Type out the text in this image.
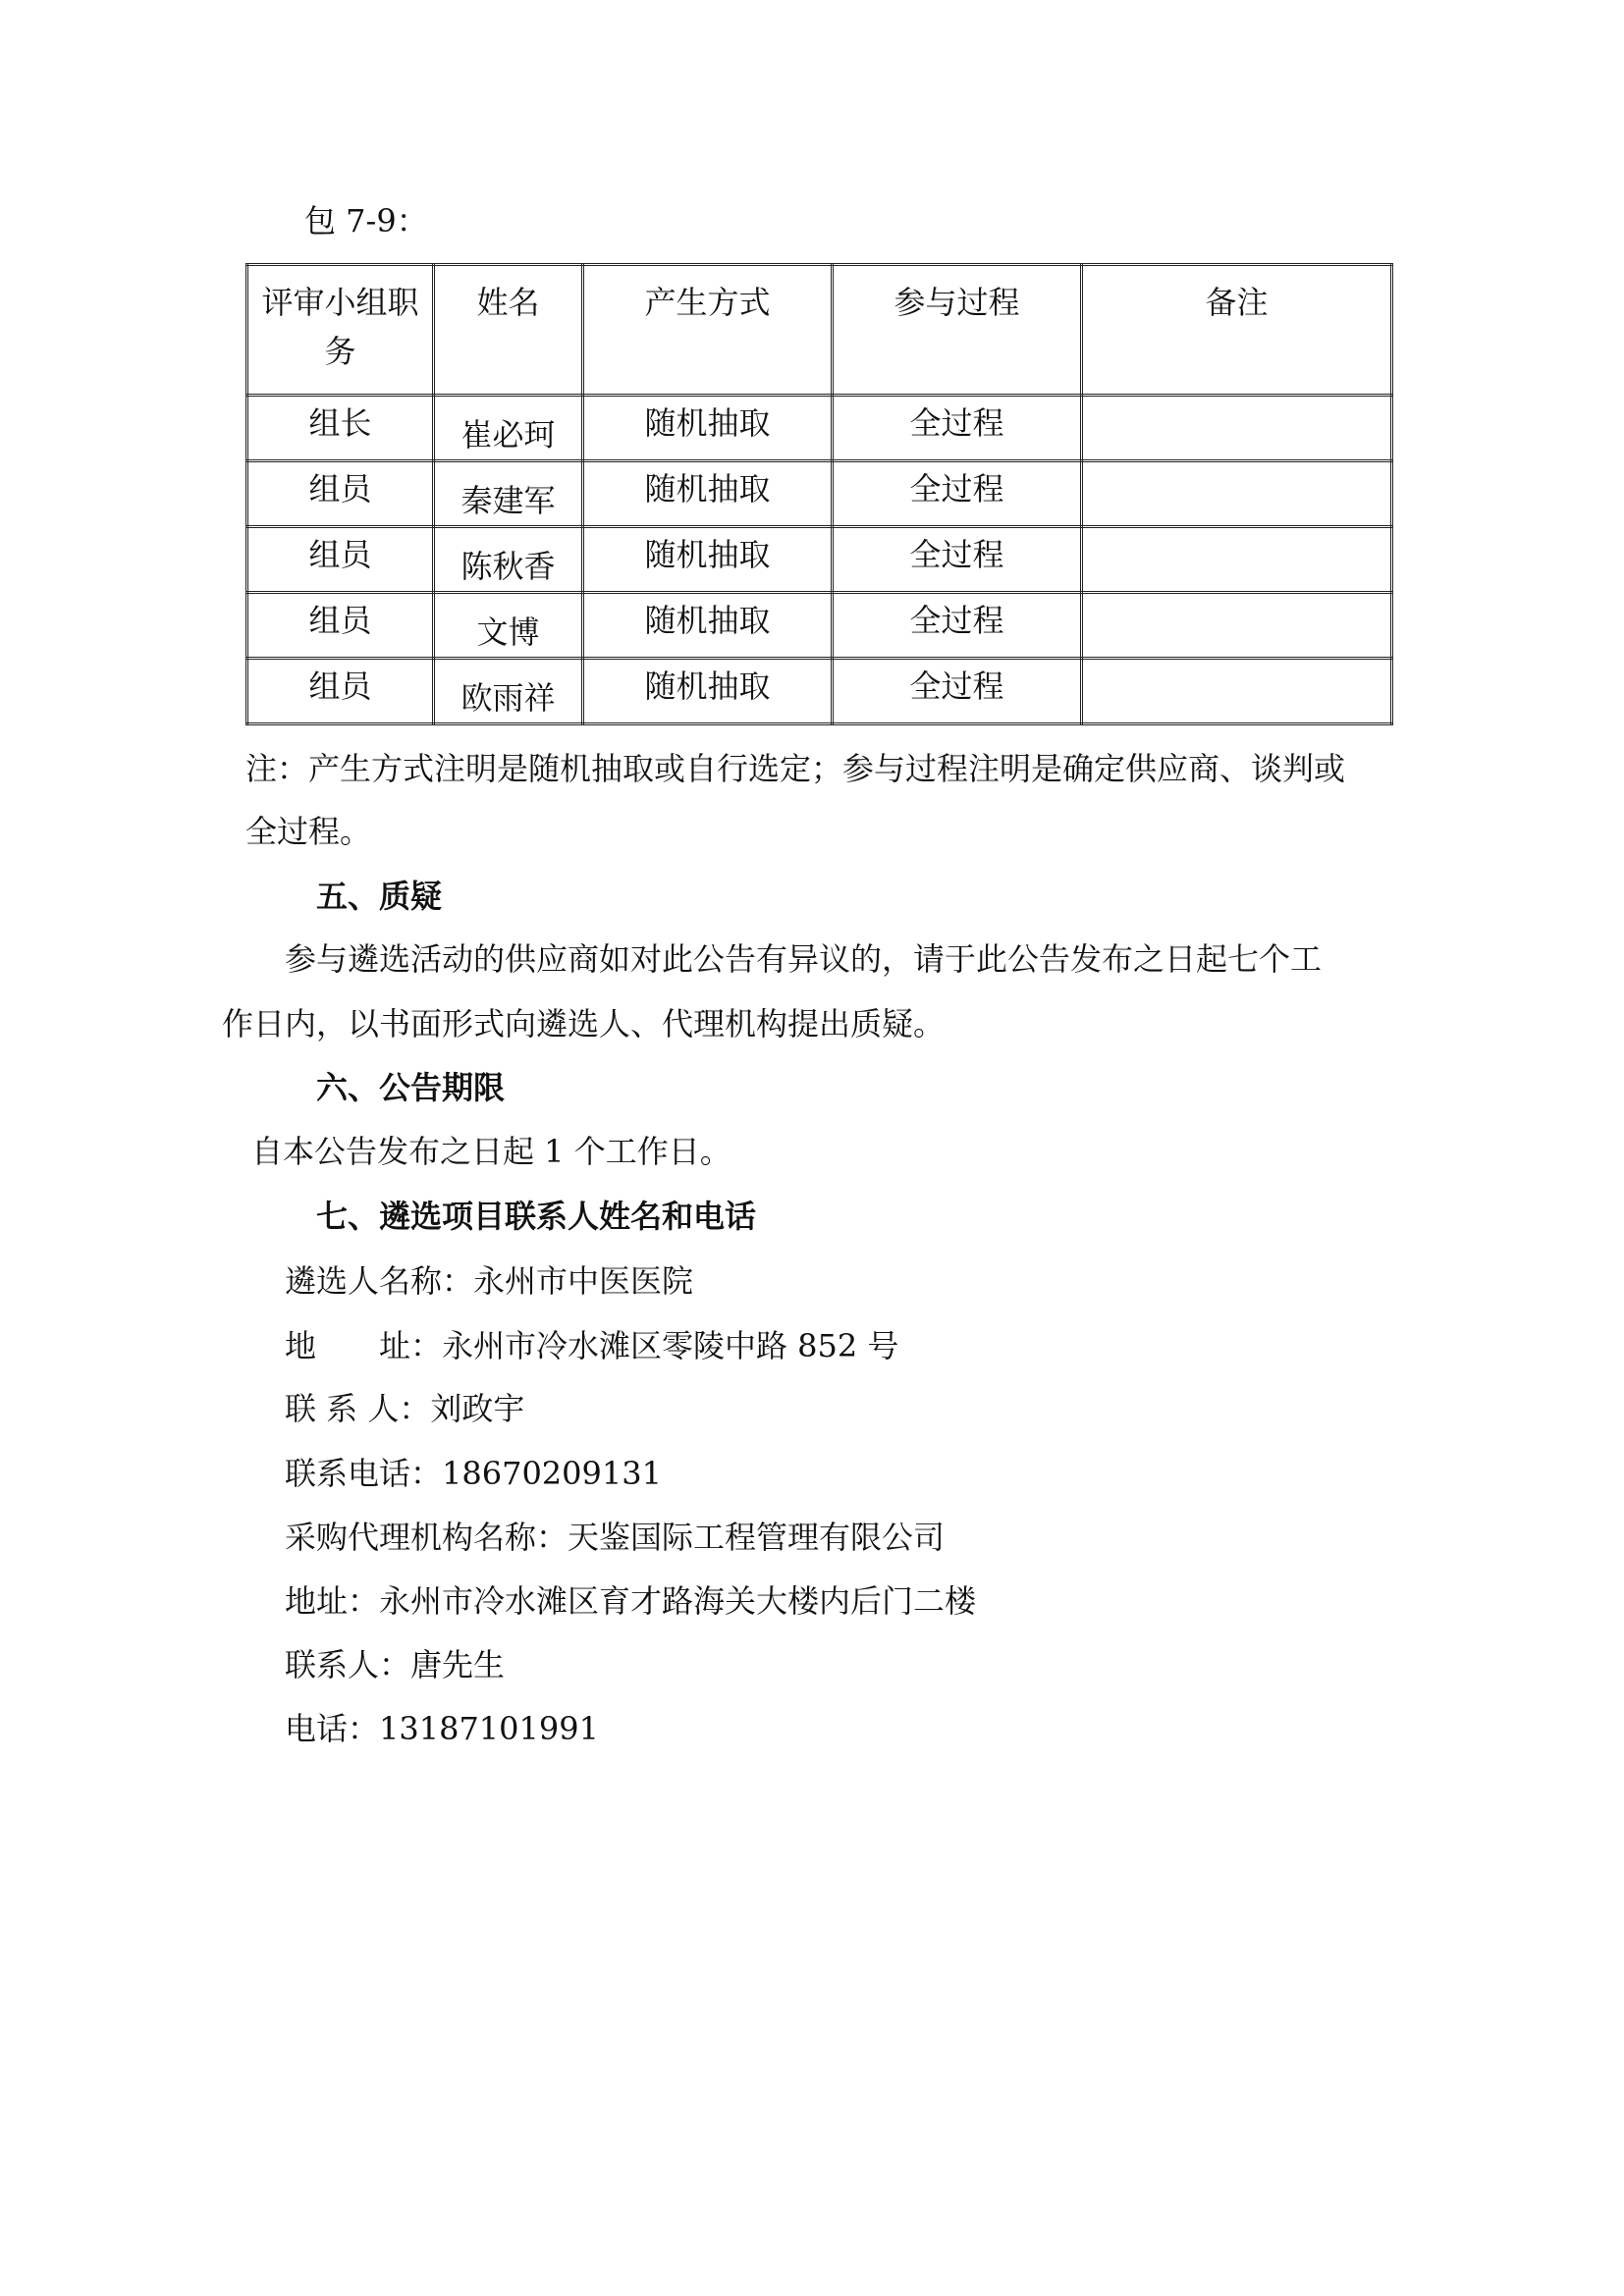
包 7-9：
评审小组职务	姓名	产生方式	参与过程	备注

组长	崔必珂	随机抽取	全过程	

组员	秦建军	随机抽取	全过程	

组员	陈秋香	随机抽取	全过程	

组员	文博	随机抽取	全过程	

组员	欧雨祥	随机抽取	全过程	

注：产生方式注明是随机抽取或自行选定；参与过程注明是确定供应商、谈判或
全过程。
五、质疑
参与遴选活动的供应商如对此公告有异议的，请于此公告发布之日起七个工
作日内，以书面形式向遴选人、代理机构提出质疑。
六、公告期限
自本公告发布之日起 1 个工作日。
七、遴选项目联系人姓名和电话
遴选人名称：永州市中医医院
地　　址：永州市冷水滩区零陵中路 852 号
联 系 人：刘政宇
联系电话：18670209131
采购代理机构名称：天鉴国际工程管理有限公司
地址：永州市冷水滩区育才路海关大楼内后门二楼
联系人：唐先生
电话：13187101991
